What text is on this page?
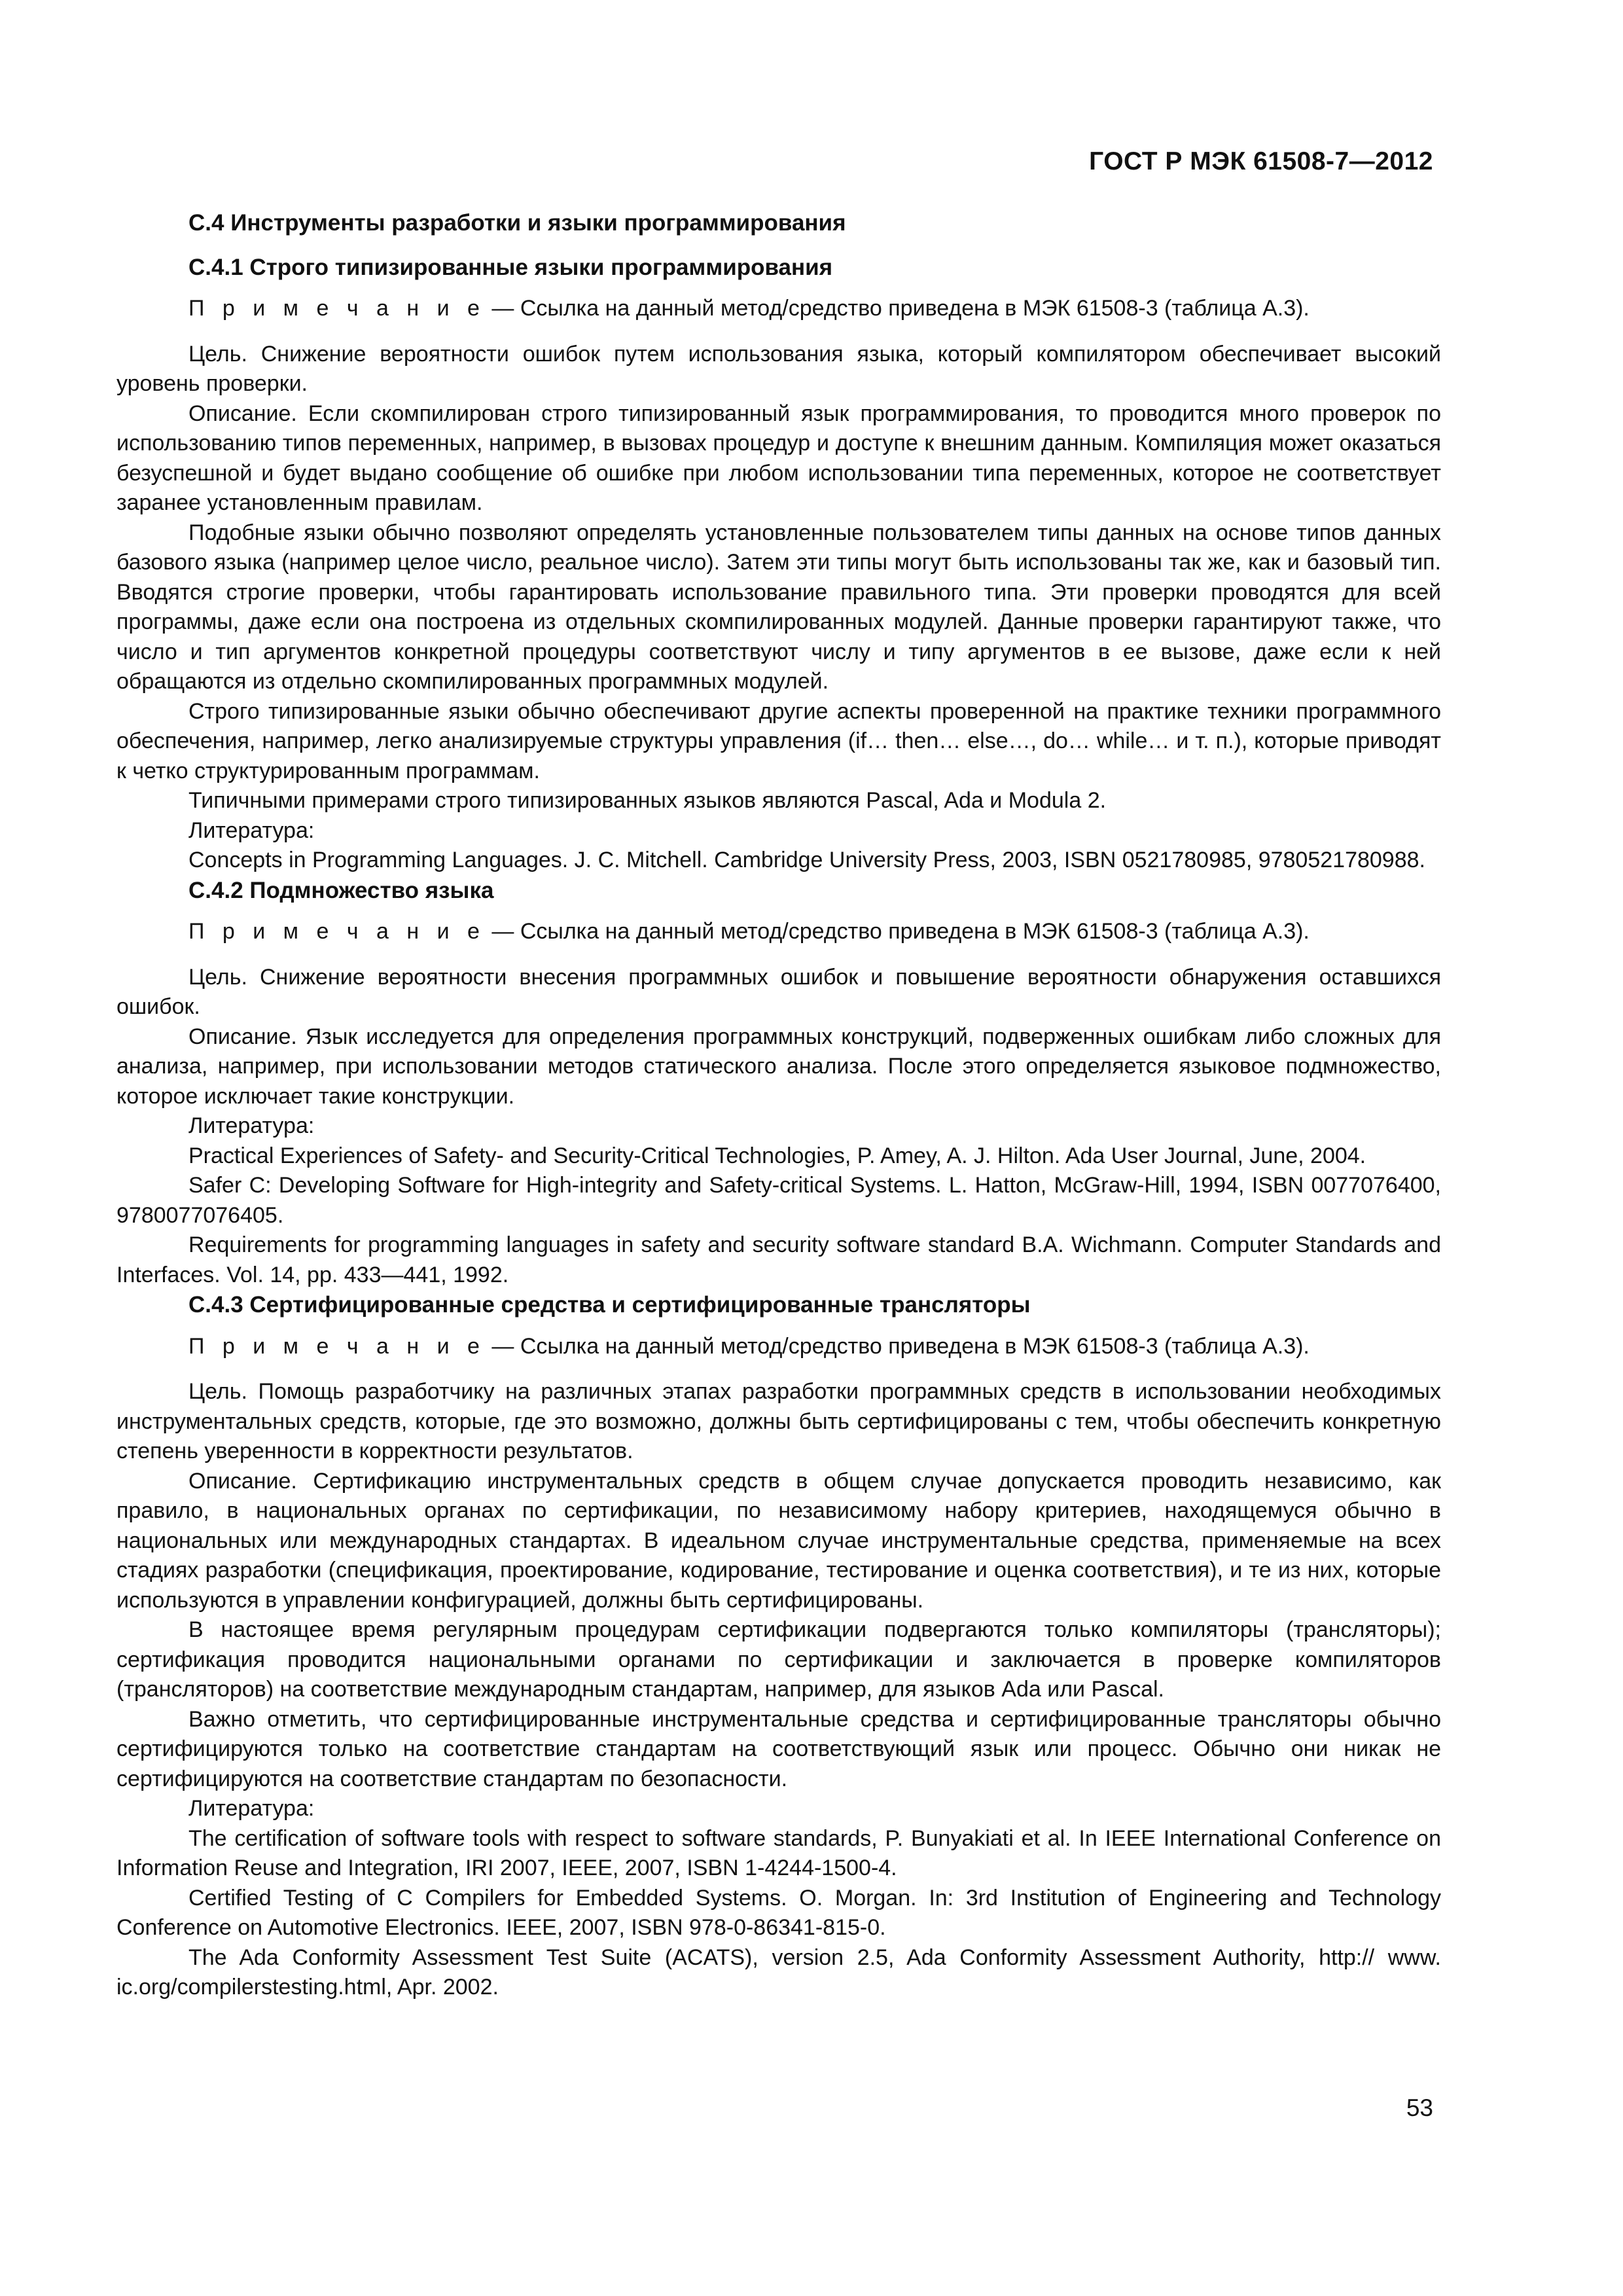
ГОСТ Р МЭК 61508-7—2012
С.4 Инструменты разработки и языки программирования
С.4.1 Строго типизированные языки программирования

П р и м е ч а н и е — Ссылка на данный метод/средство приведена в МЭК 61508-3 (таблица А.3).

Цель. Снижение вероятности ошибок путем использования языка, который компилятором обеспечивает высокий уровень проверки.

Описание. Если скомпилирован строго типизированный язык программирования, то проводится много проверок по использованию типов переменных, например, в вызовах процедур и доступе к внешним данным. Компиляция может оказаться безуспешной и будет выдано сообщение об ошибке при любом использовании типа переменных, которое не соответствует заранее установленным правилам.

Подобные языки обычно позволяют определять установленные пользователем типы данных на основе типов данных базового языка (например целое число, реальное число). Затем эти типы могут быть использованы так же, как и базовый тип. Вводятся строгие проверки, чтобы гарантировать использование правильного типа. Эти проверки проводятся для всей программы, даже если она построена из отдельных скомпилированных модулей. Данные проверки гарантируют также, что число и тип аргументов конкретной процедуры соответствуют числу и типу аргументов в ее вызове, даже если к ней обращаются из отдельно скомпилированных программных модулей.

Строго типизированные языки обычно обеспечивают другие аспекты проверенной на практике техники программного обеспечения, например, легко анализируемые структуры управления (if… then… else…, do… while… и т. п.), которые приводят к четко структурированным программам.

Типичными примерами строго типизированных языков являются Pascal, Ada и Modula 2.

Литература:

Concepts in Programming Languages. J. C. Mitchell. Cambridge University Press, 2003, ISBN 0521780985, 9780521780988.

С.4.2 Подмножество языка

П р и м е ч а н и е — Ссылка на данный метод/средство приведена в МЭК 61508-3 (таблица А.3).

Цель. Снижение вероятности внесения программных ошибок и повышение вероятности обнаружения оставшихся ошибок.

Описание. Язык исследуется для определения программных конструкций, подверженных ошибкам либо сложных для анализа, например, при использовании методов статического анализа. После этого определяется языковое подмножество, которое исключает такие конструкции.

Литература:

Practical Experiences of Safety- and Security-Critical Technologies, P. Amey, A. J. Hilton. Ada User Journal, June, 2004.

Safer C: Developing Software for High-integrity and Safety-critical Systems. L. Hatton, McGraw-Hill, 1994, ISBN 0077076400, 9780077076405.

Requirements for programming languages in safety and security software standard B.A. Wichmann. Computer Standards and Interfaces. Vol. 14, pp. 433—441, 1992.

С.4.3 Сертифицированные средства и сертифицированные трансляторы

П р и м е ч а н и е — Ссылка на данный метод/средство приведена в МЭК 61508-3 (таблица А.3).

Цель. Помощь разработчику на различных этапах разработки программных средств в использовании необходимых инструментальных средств, которые, где это возможно, должны быть сертифицированы с тем, чтобы обеспечить конкретную степень уверенности в корректности результатов.

Описание. Сертификацию инструментальных средств в общем случае допускается проводить независимо, как правило, в национальных органах по сертификации, по независимому набору критериев, находящемуся обычно в национальных или международных стандартах. В идеальном случае инструментальные средства, применяемые на всех стадиях разработки (спецификация, проектирование, кодирование, тестирование и оценка соответствия), и те из них, которые используются в управлении конфигурацией, должны быть сертифицированы.

В настоящее время регулярным процедурам сертификации подвергаются только компиляторы (трансляторы); сертификация проводится национальными органами по сертификации и заключается в проверке компиляторов (трансляторов) на соответствие международным стандартам, например, для языков Ada или Pascal.

Важно отметить, что сертифицированные инструментальные средства и сертифицированные трансляторы обычно сертифицируются только на соответствие стандартам на соответствующий язык или процесс. Обычно они никак не сертифицируются на соответствие стандартам по безопасности.

Литература:

The certification of software tools with respect to software standards, P. Bunyakiati et al. In IEEE International Conference on Information Reuse and Integration, IRI 2007, IEEE, 2007, ISBN 1-4244-1500-4.

Certified Testing of C Compilers for Embedded Systems. O. Morgan. In: 3rd Institution of Engineering and Technology Conference on Automotive Electronics. IEEE, 2007, ISBN 978-0-86341-815-0.

The Ada Conformity Assessment Test Suite (ACATS), version 2.5, Ada Conformity Assessment Authority, http:// www. ic.org/compilerstesting.html, Apr. 2002.

53
